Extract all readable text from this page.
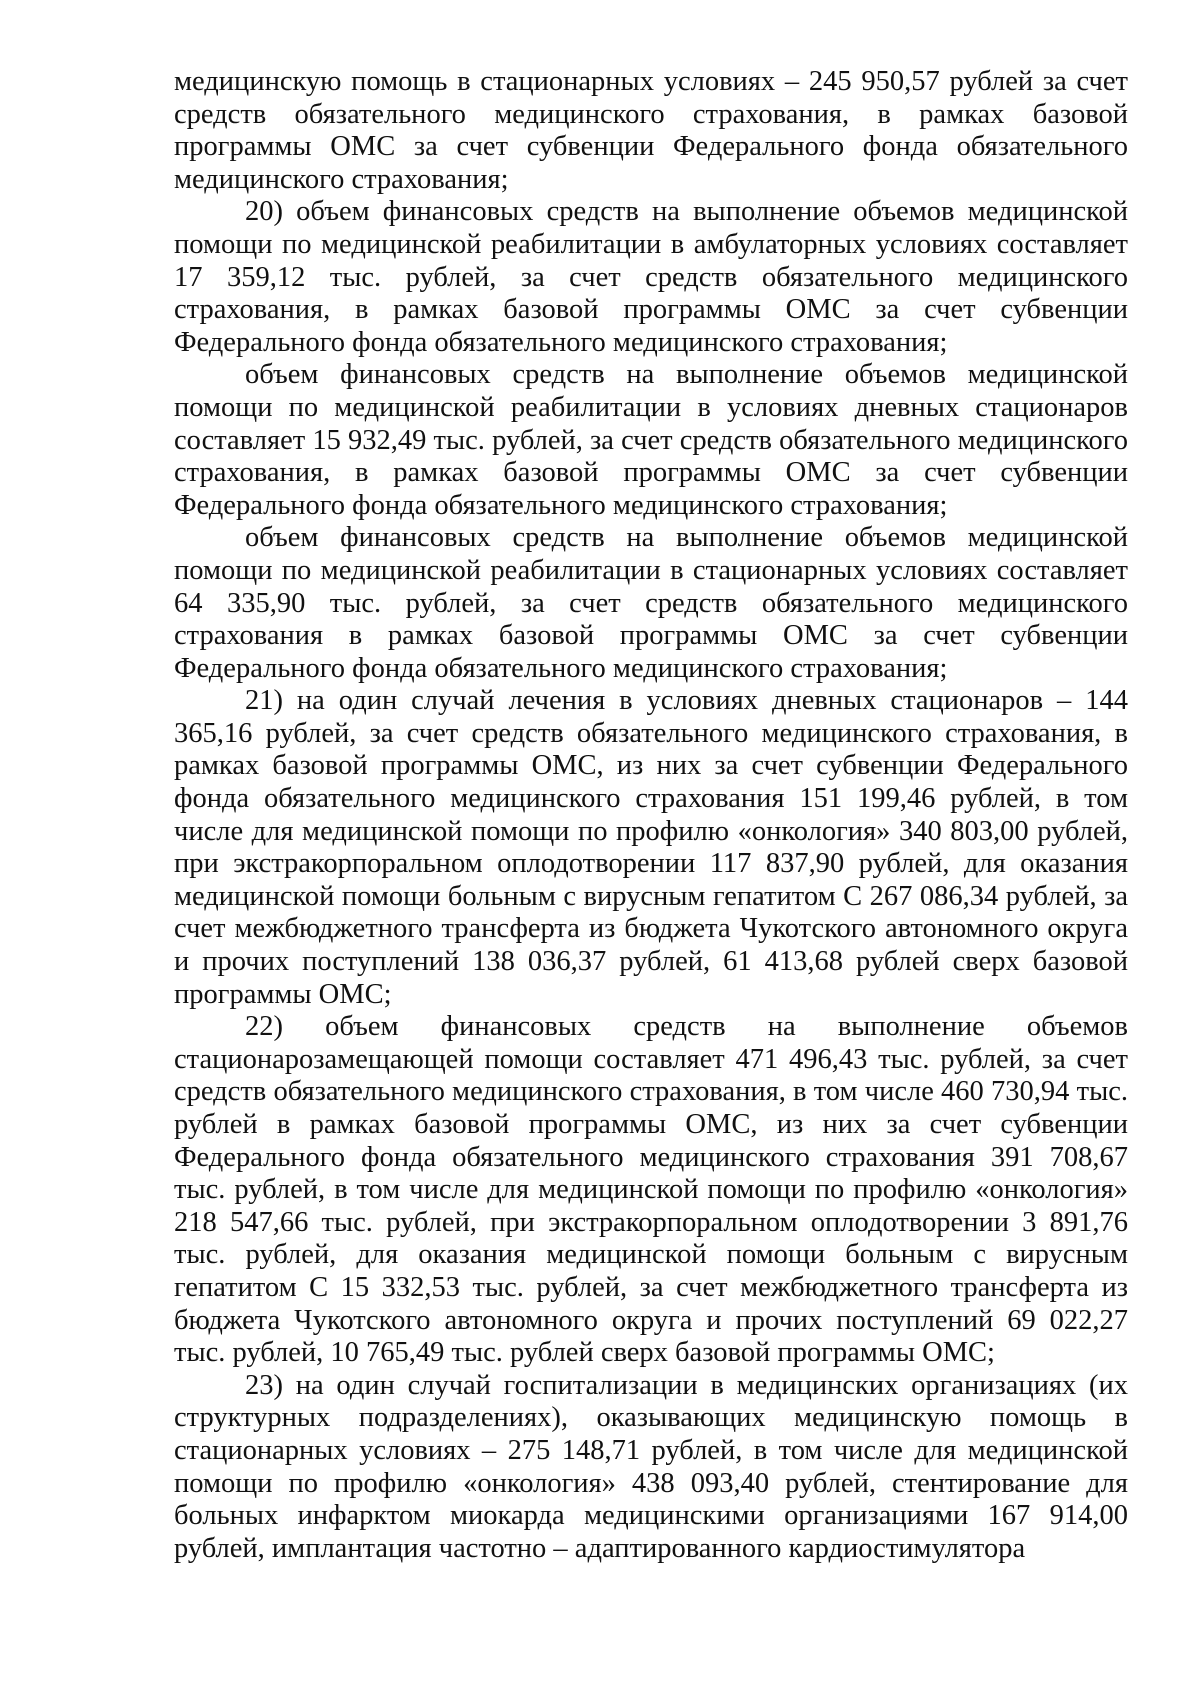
медицинскую помощь в стационарных условиях – 245 950,57 рублей за счет средств обязательного медицинского страхования, в рамках базовой программы ОМС за счет субвенции Федерального фонда обязательного медицинского страхования;

20) объем финансовых средств на выполнение объемов медицинской помощи по медицинской реабилитации в амбулаторных условиях составляет 17 359,12 тыс. рублей, за счет средств обязательного медицинского страхования, в рамках базовой программы ОМС за счет субвенции Федерального фонда обязательного медицинского страхования;

объем финансовых средств на выполнение объемов медицинской помощи по медицинской реабилитации в условиях дневных стационаров составляет 15 932,49 тыс. рублей, за счет средств обязательного медицинского страхования, в рамках базовой программы ОМС за счет субвенции Федерального фонда обязательного медицинского страхования;

объем финансовых средств на выполнение объемов медицинской помощи по медицинской реабилитации в стационарных условиях составляет 64 335,90 тыс. рублей, за счет средств обязательного медицинского страхования в рамках базовой программы ОМС за счет субвенции Федерального фонда обязательного медицинского страхования;

21) на один случай лечения в условиях дневных стационаров – 144 365,16 рублей, за счет средств обязательного медицинского страхования, в рамках базовой программы ОМС, из них за счет субвенции Федерального фонда обязательного медицинского страхования 151 199,46 рублей, в том числе для медицинской помощи по профилю «онкология» 340 803,00 рублей, при экстракорпоральном оплодотворении 117 837,90 рублей, для оказания медицинской помощи больным с вирусным гепатитом С 267 086,34 рублей, за счет межбюджетного трансферта из бюджета Чукотского автономного округа и прочих поступлений 138 036,37 рублей, 61 413,68 рублей сверх базовой программы ОМС;

22) объем финансовых средств на выполнение объемов стационарозамещающей помощи составляет 471 496,43 тыс. рублей, за счет средств обязательного медицинского страхования, в том числе 460 730,94 тыс. рублей в рамках базовой программы ОМС, из них за счет субвенции Федерального фонда обязательного медицинского страхования 391 708,67 тыс. рублей, в том числе для медицинской помощи по профилю «онкология» 218 547,66 тыс. рублей, при экстракорпоральном оплодотворении 3 891,76 тыс. рублей, для оказания медицинской помощи больным с вирусным гепатитом С 15 332,53 тыс. рублей, за счет межбюджетного трансферта из бюджета Чукотского автономного округа и прочих поступлений 69 022,27 тыс. рублей, 10 765,49 тыс. рублей сверх базовой программы ОМС;

23) на один случай госпитализации в медицинских организациях (их структурных подразделениях), оказывающих медицинскую помощь в стационарных условиях – 275 148,71 рублей, в том числе для медицинской помощи по профилю «онкология» 438 093,40 рублей, стентирование для больных инфарктом миокарда медицинскими организациями 167 914,00 рублей, имплантация частотно – адаптированного кардиостимулятора
